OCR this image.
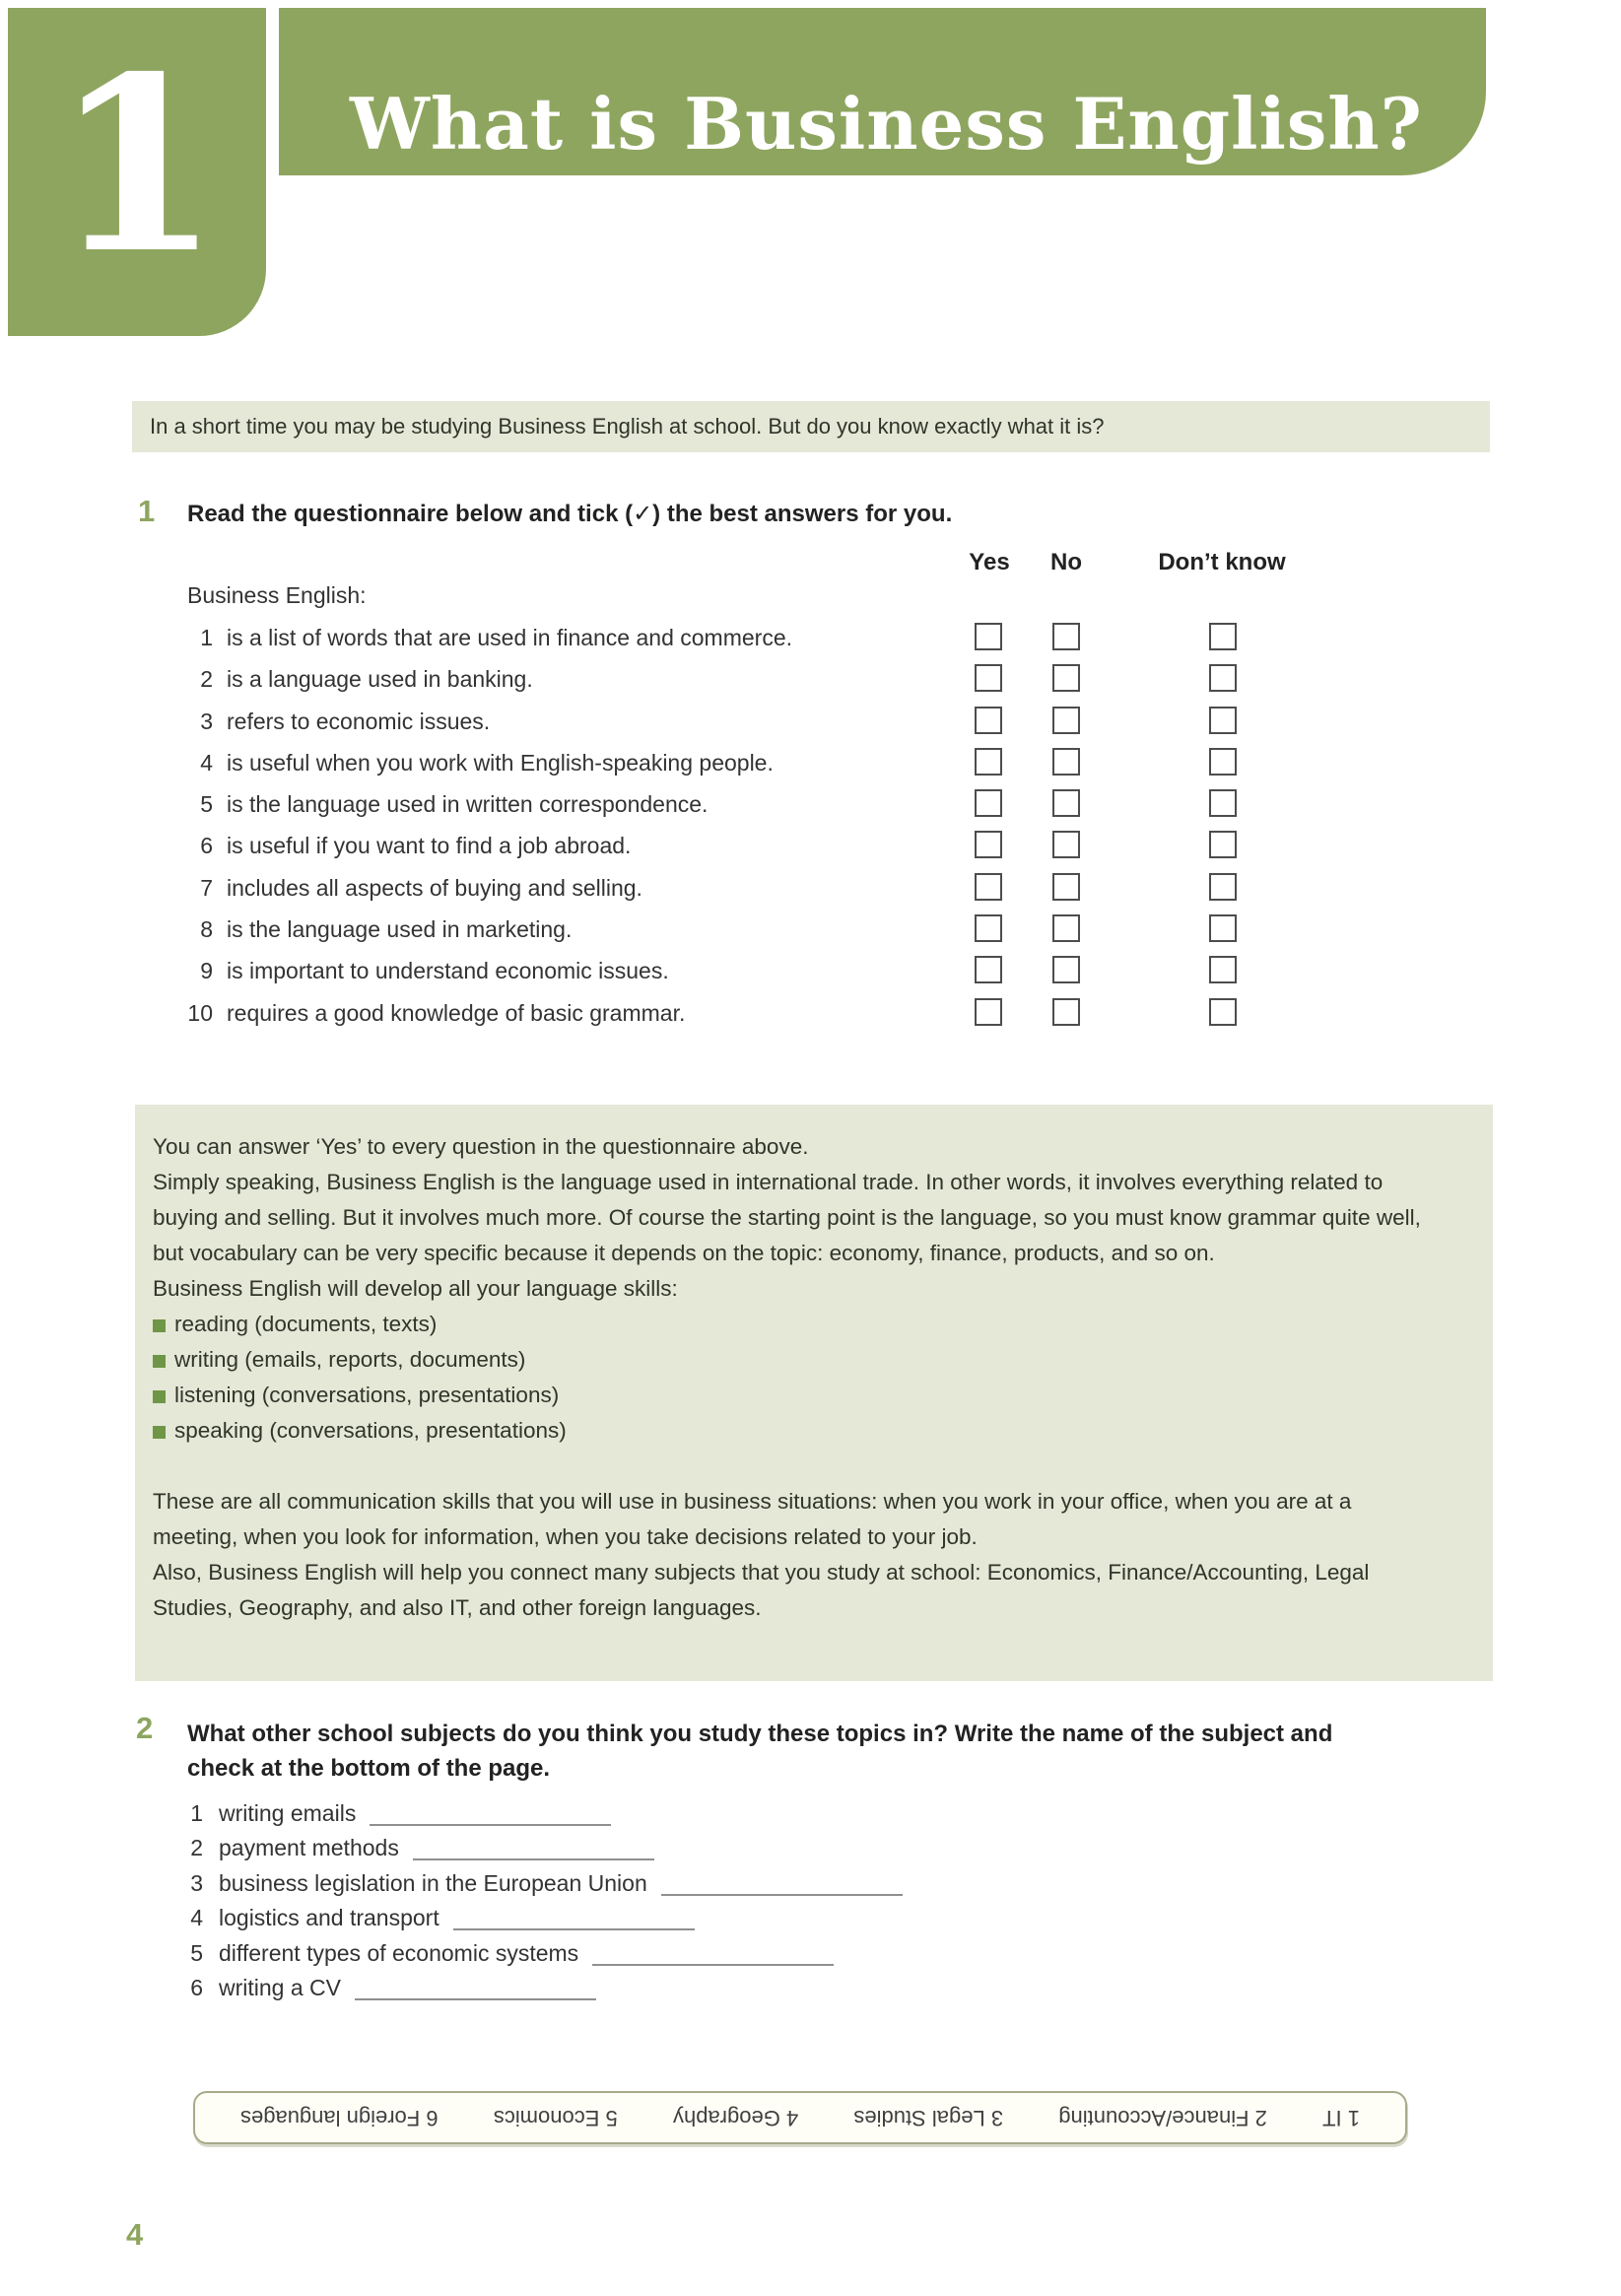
1 What is Business English?
In a short time you may be studying Business English at school. But do you know exactly what it is?
1 Read the questionnaire below and tick (✓) the best answers for you.
Yes No	Don’t know
Business English:
1 is a list of words that are used in finance and commerce.
2 is a language used in banking.
3 refers to economic issues.
4 is useful when you work with English-speaking people.
5 is the language used in written correspondence.
6 is useful if you want to find a job abroad.
7 includes all aspects of buying and selling.
8 is the language used in marketing.
9 is important to understand economic issues.
10 requires a good knowledge of basic grammar.

You can answer ‘Yes’ to every question in the questionnaire above.

Simply speaking, Business English is the language used in international trade. In other words, it involves everything related to buying and selling. But it involves much more. Of course the starting point is the language, so you must know grammar quite well, but vocabulary can be very specific because it depends on the topic: economy, finance, products, and so on.

Business English will develop all your language skills:

reading (documents, texts)
writing (emails, reports, documents)
listening (conversations, presentations)
speaking (conversations, presentations)

These are all communication skills that you will use in business situations: when you work in your office, when you are at a meeting, when you look for information, when you take decisions related to your job.

Also, Business English will help you connect many subjects that you study at school: Economics, Finance/Accounting, Legal Studies, Geography, and also IT, and other foreign languages.

2 What other school subjects do you think you study these topics in? Write the name of the subject and
check at the bottom of the page.
1 writing emails
2 payment methods
3 business legislation in the European Union
4 logistics and transport
5 different types of economic systems
6 writing a CV
1 IT
2 Finance/Accounting
3 Legal Studies
4 Geography
5 Economics
6 Foreign languages
4
